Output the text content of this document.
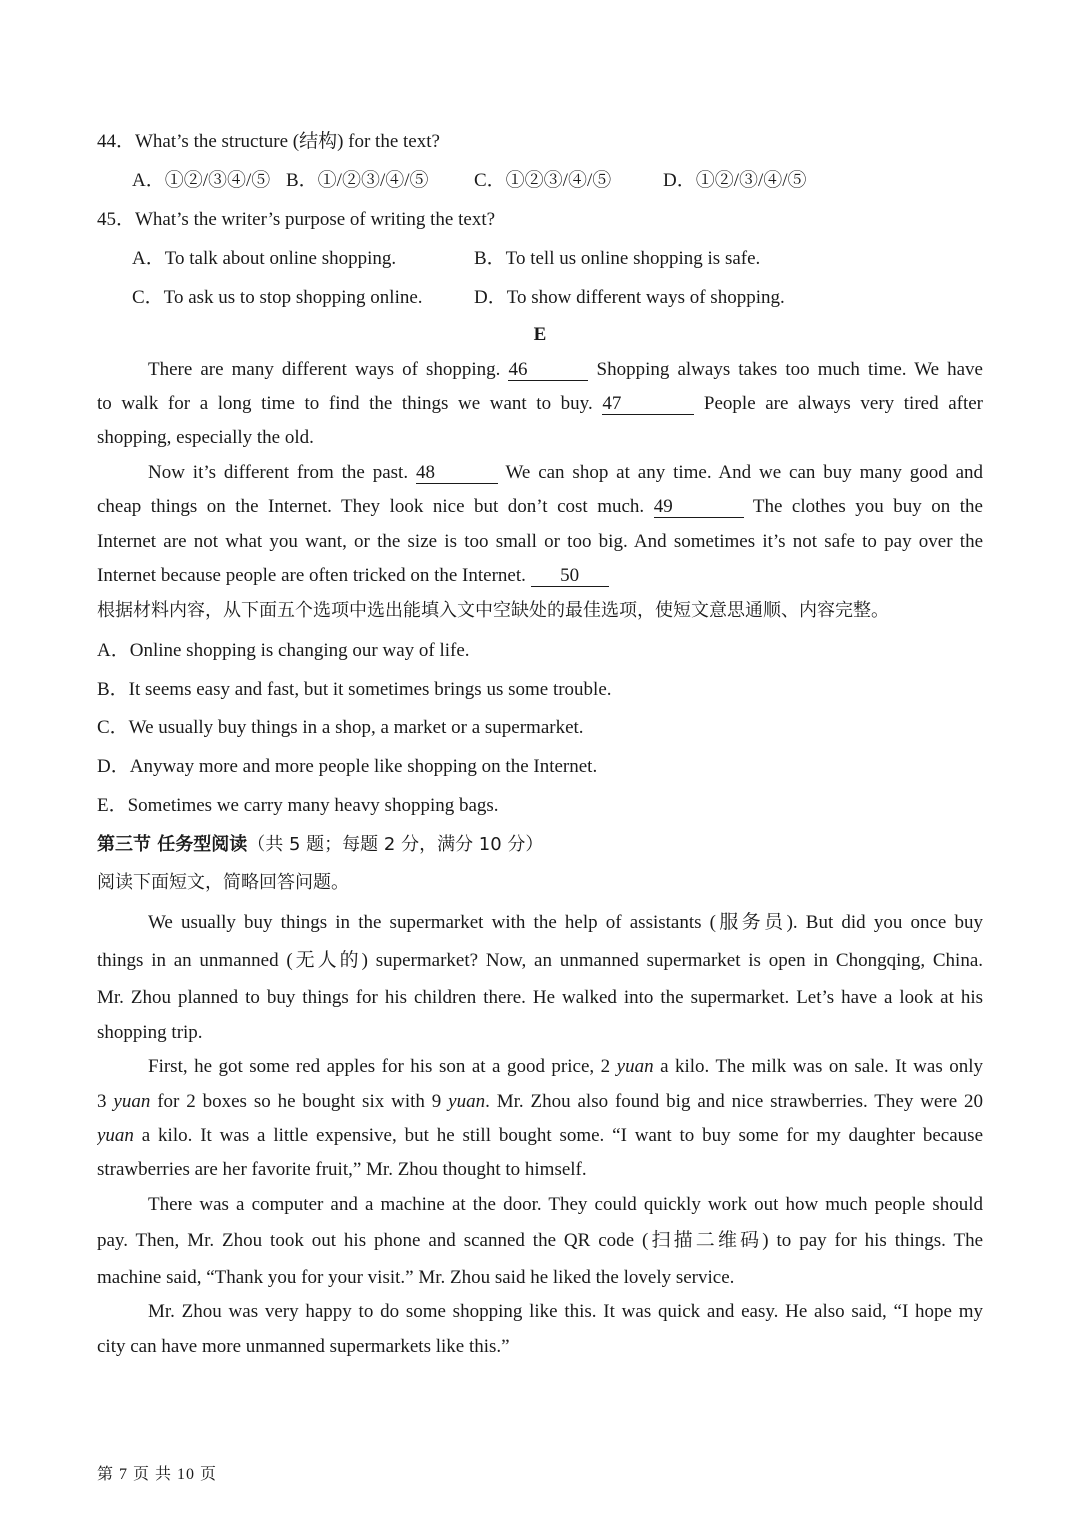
44．What’s the structure (结构) for the text?
A．①②/③④/⑤ B．①/②③/④/⑤ C．①②③/④/⑤	D．①②/③/④/⑤
45．What’s the writer’s purpose of writing the text?
A．To talk about online shopping.	B．To tell us online shopping is safe.
C．To ask us to stop shopping online.	D．To show different ways of shopping.
E
There are many different ways of shopping. 46	Shopping always takes too much time. We have
to walk for a long time to find the things we want to buy. 47	People are always very tired after
shopping, especially the old.
Now it’s different from the past. 48	We can shop at any time. And we can buy many good and
cheap things on the Internet. They look nice but don’t cost much. 49	The clothes you buy on the
Internet are not what you want, or the size is too small or too big. And sometimes it’s not safe to pay over the
Internet because people are often tricked on the Internet. 50
根据材料内容，从下面五个选项中选出能填入文中空缺处的最佳选项，使短文意思通顺、内容完整。
A．Online shopping is changing our way of life.
B．It seems easy and fast, but it sometimes brings us some trouble.
C．We usually buy things in a shop, a market or a supermarket.
D．Anyway more and more people like shopping on the Internet.
E．Sometimes we carry many heavy shopping bags.
第三节 任务型阅读（共 5 题；每题 2 分，满分 10 分）
阅读下面短文，简略回答问题。
We usually buy things in the supermarket with the help of assistants (服务员). But did you once buy
things in an unmanned (无人的) supermarket? Now, an unmanned supermarket is open in Chongqing, China.
Mr. Zhou planned to buy things for his children there. He walked into the supermarket. Let’s have a look at his
shopping trip.
First, he got some red apples for his son at a good price, 2 yuan a kilo. The milk was on sale. It was only
3 yuan for 2 boxes so he bought six with 9 yuan. Mr. Zhou also found big and nice strawberries. They were 20
yuan a kilo. It was a little expensive, but he still bought some. “I want to buy some for my daughter because
strawberries are her favorite fruit,” Mr. Zhou thought to himself.
There was a computer and a machine at the door. They could quickly work out how much people should
pay. Then, Mr. Zhou took out his phone and scanned the QR code (扫描二维码) to pay for his things. The
machine said, “Thank you for your visit.” Mr. Zhou said he liked the lovely service.
Mr. Zhou was very happy to do some shopping like this. It was quick and easy. He also said, “I hope my
city can have more unmanned supermarkets like this.”
第 7 页 共 10 页
